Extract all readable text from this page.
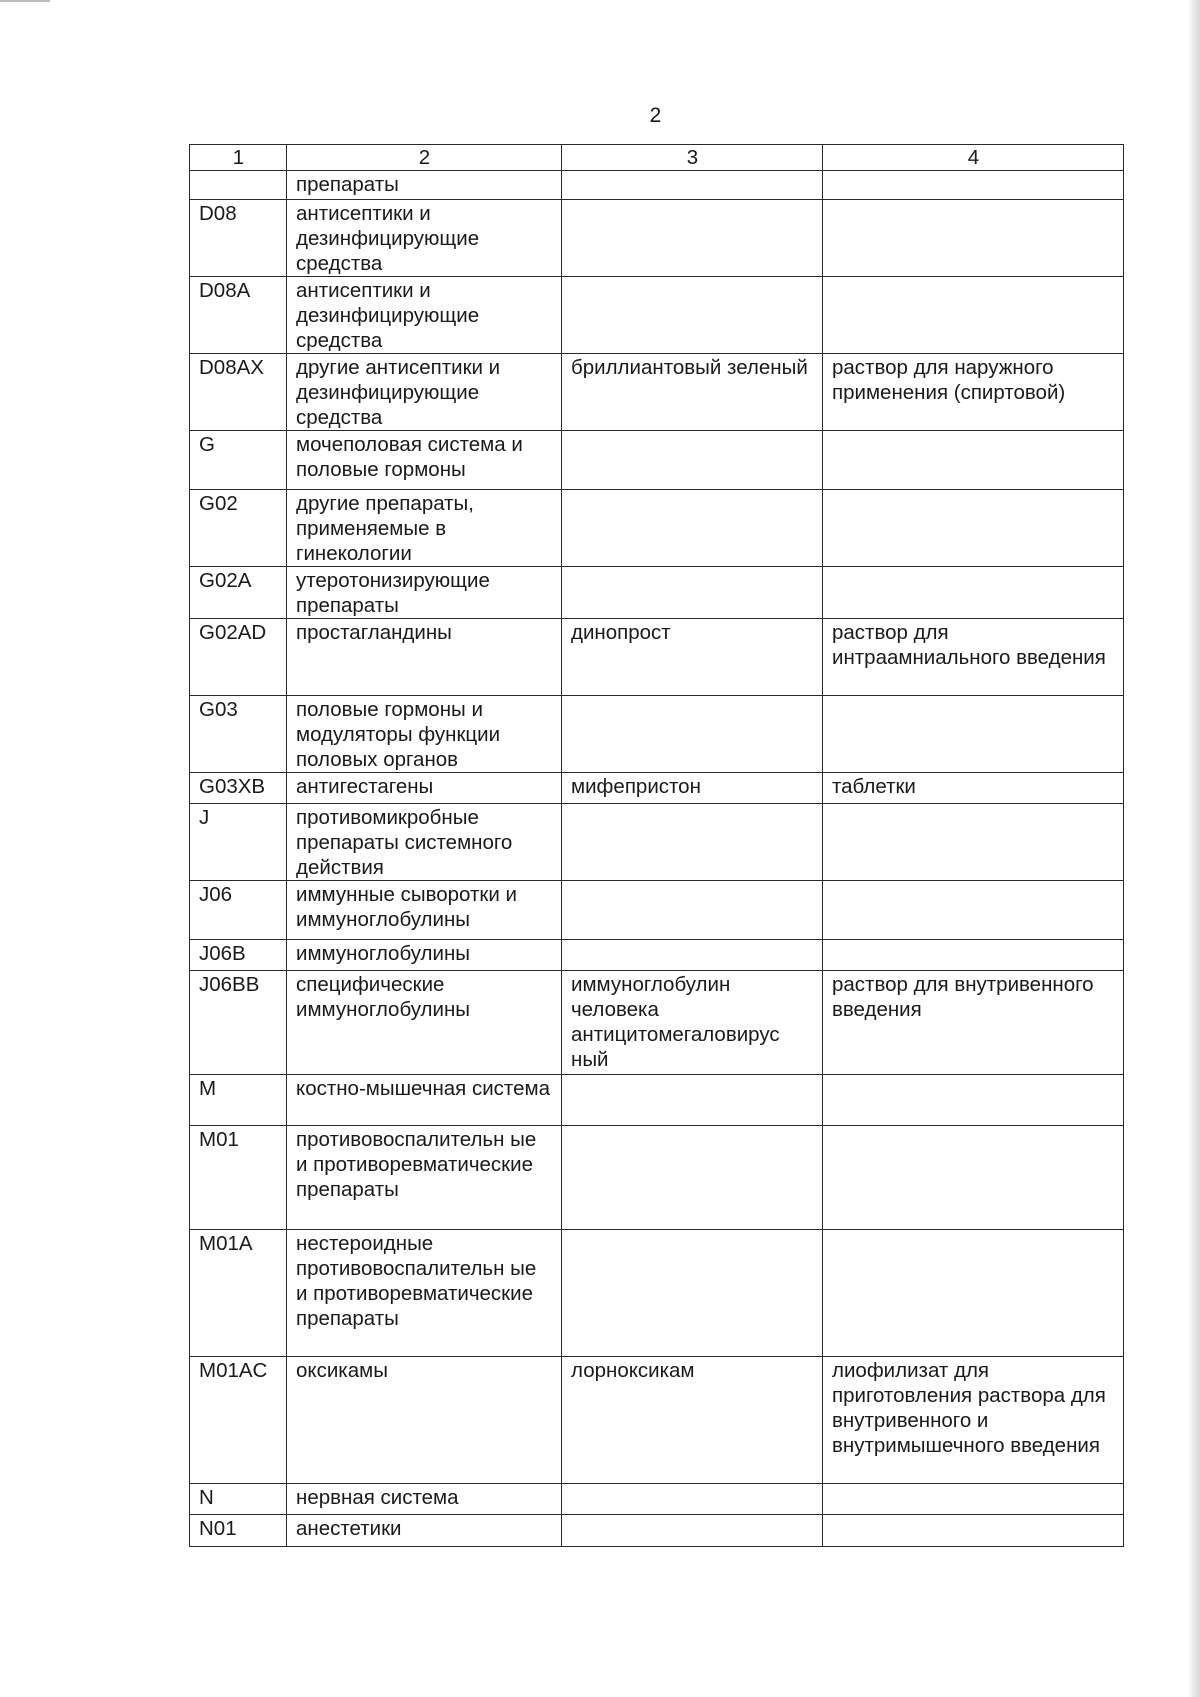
2
1	2	3	4
	препараты		
D08	антисептики и дезинфицирующие средства		
D08A	антисептики и дезинфицирующие средства		
D08AX	другие антисептики и дезинфицирующие средства	бриллиантовый зеленый	раствор для наружного применения (спиртовой)
G	мочеполовая система и половые гормоны		
G02	другие препараты, применяемые в гинекологии		
G02A	утеротонизирующие препараты		
G02AD	простагландины	динопрост	раствор для интраамниального введения
G03	половые гормоны и модуляторы функции половых органов		
G03XB	антигестагены	мифепристон	таблетки
J	противомикробные препараты системного действия		
J06	иммунные сыворотки и иммуноглобулины		
J06B	иммуноглобулины		
J06BB	специфические иммуноглобулины	иммуноглобулин человека антицитомегаловирус ный	раствор для внутривенного введения
M	костно-мышечная система		
M01	противовоспалительн ые и противоревматические препараты		
M01A	нестероидные противовоспалительн ые и противоревматические препараты		
M01AC	оксикамы	лорноксикам	лиофилизат для приготовления раствора для внутривенного и внутримышечного введения
N	нервная система		
N01	анестетики		
